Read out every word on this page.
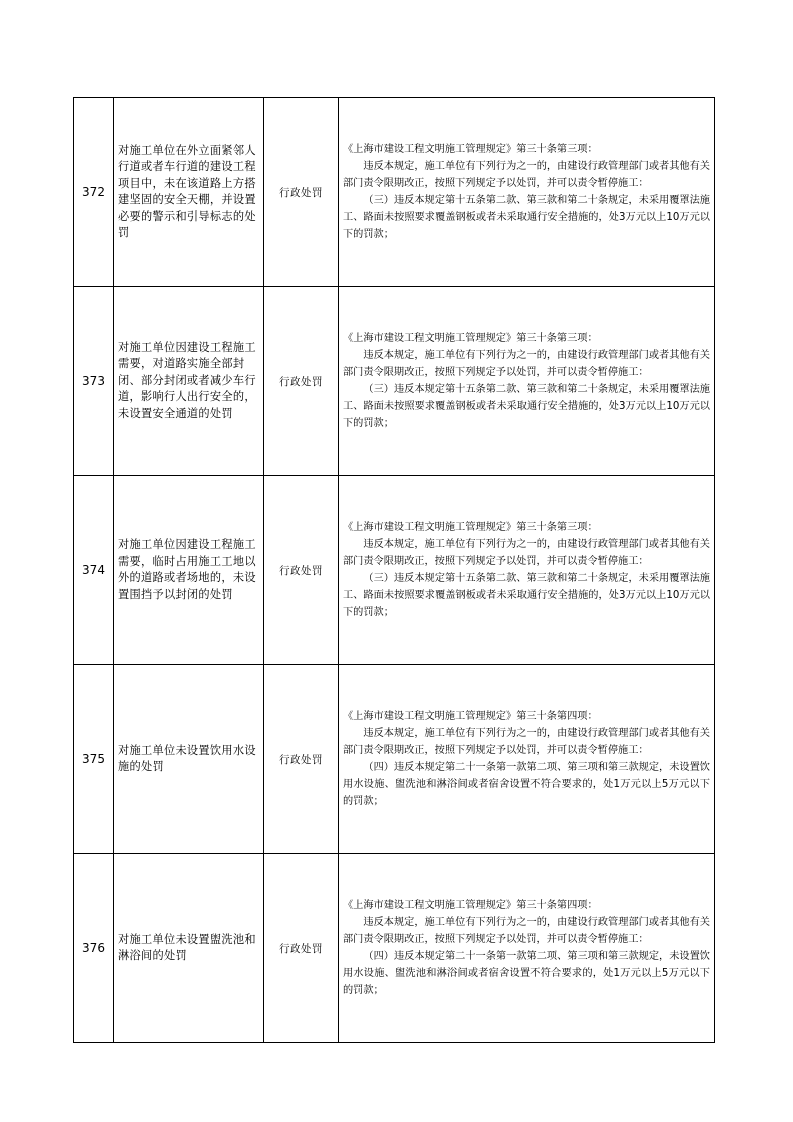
372	对施工单位在外立面紧邻人行道或者车行道的建设工程项目中，未在该道路上方搭建坚固的安全天棚，并设置必要的警示和引导标志的处罚	行政处罚	《上海市建设工程文明施工管理规定》第三十条第三项：

违反本规定，施工单位有下列行为之一的，由建设行政管理部门或者其他有关部门责令限期改正，按照下列规定予以处罚，并可以责令暂停施工：

（三）违反本规定第十五条第二款、第三款和第二十条规定，未采用覆罩法施工、路面未按照要求覆盖钢板或者未采取通行安全措施的，处3万元以上10万元以下的罚款；

373	对施工单位因建设工程施工需要，对道路实施全部封闭、部分封闭或者减少车行道，影响行人出行安全的，未设置安全通道的处罚	行政处罚	《上海市建设工程文明施工管理规定》第三十条第三项：

违反本规定，施工单位有下列行为之一的，由建设行政管理部门或者其他有关部门责令限期改正，按照下列规定予以处罚，并可以责令暂停施工：

（三）违反本规定第十五条第二款、第三款和第二十条规定，未采用覆罩法施工、路面未按照要求覆盖钢板或者未采取通行安全措施的，处3万元以上10万元以下的罚款；

374	对施工单位因建设工程施工需要，临时占用施工工地以外的道路或者场地的，未设置围挡予以封闭的处罚	行政处罚	《上海市建设工程文明施工管理规定》第三十条第三项：

违反本规定，施工单位有下列行为之一的，由建设行政管理部门或者其他有关部门责令限期改正，按照下列规定予以处罚，并可以责令暂停施工：

（三）违反本规定第十五条第二款、第三款和第二十条规定，未采用覆罩法施工、路面未按照要求覆盖钢板或者未采取通行安全措施的，处3万元以上10万元以下的罚款；

375	对施工单位未设置饮用水设施的处罚	行政处罚	《上海市建设工程文明施工管理规定》第三十条第四项：

违反本规定，施工单位有下列行为之一的，由建设行政管理部门或者其他有关部门责令限期改正，按照下列规定予以处罚，并可以责令暂停施工：

（四）违反本规定第二十一条第一款第二项、第三项和第三款规定，未设置饮用水设施、盥洗池和淋浴间或者宿舍设置不符合要求的，处1万元以上5万元以下的罚款；

376	对施工单位未设置盥洗池和淋浴间的处罚	行政处罚	《上海市建设工程文明施工管理规定》第三十条第四项：

违反本规定，施工单位有下列行为之一的，由建设行政管理部门或者其他有关部门责令限期改正，按照下列规定予以处罚，并可以责令暂停施工：

（四）违反本规定第二十一条第一款第二项、第三项和第三款规定，未设置饮用水设施、盥洗池和淋浴间或者宿舍设置不符合要求的，处1万元以上5万元以下的罚款；
